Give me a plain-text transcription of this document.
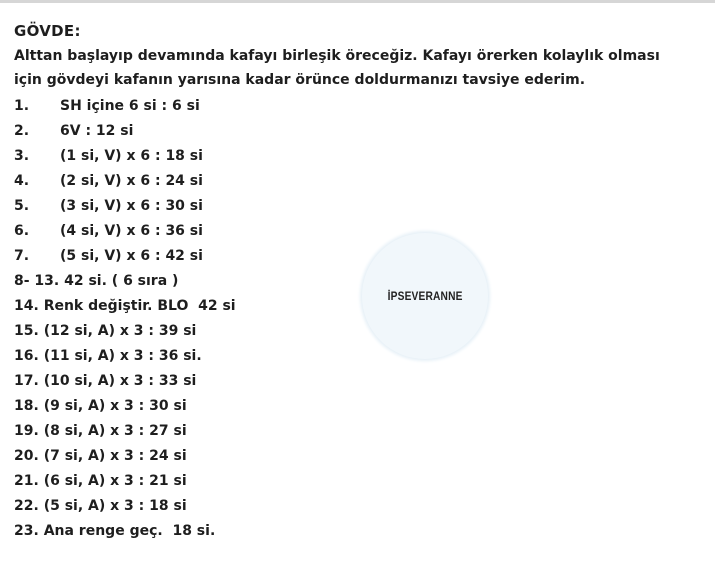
GÖVDE:

Alttan başlayıp devamında kafayı birleşik öreceğiz. Kafayı örerken kolaylık olması

için gövdeyi kafanın yarısına kadar örünce doldurmanızı tavsiye ederim.

1. SH içine 6 si : 6 si
2. 6V : 12 si
3. (1 si, V) x 6 : 18 si
4. (2 si, V) x 6 : 24 si
5. (3 si, V) x 6 : 30 si
6. (4 si, V) x 6 : 36 si
7. (5 si, V) x 6 : 42 si
8- 13. 42 si. ( 6 sıra )
14. Renk değiştir. BLO  42 si
15. (12 si, A) x 3 : 39 si
16. (11 si, A) x 3 : 36 si.
17. (10 si, A) x 3 : 33 si
18. (9 si, A) x 3 : 30 si
19. (8 si, A) x 3 : 27 si
20. (7 si, A) x 3 : 24 si
21. (6 si, A) x 3 : 21 si
22. (5 si, A) x 3 : 18 si
23. Ana renge geç.  18 si.
İPSEVERANNE
